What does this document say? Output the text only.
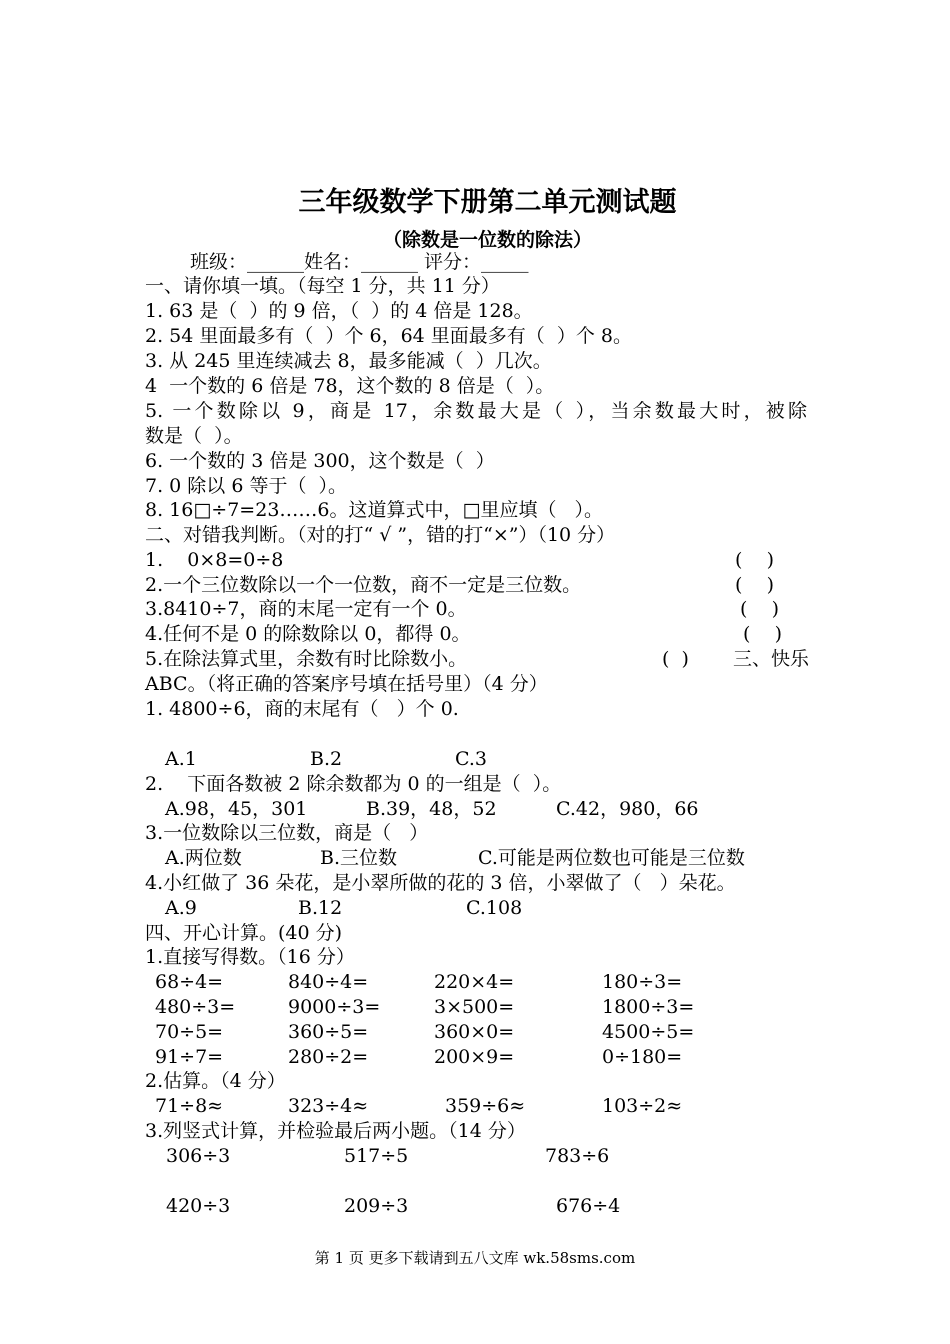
三年级数学下册第二单元测试题
（除数是一位数的除法）
班级：______姓名：______ 评分：_____
一、请你填一填。（每空 1 分，共 11 分）
1. 63 是（  ）的 9 倍，（  ）的 4 倍是 128。
2. 54 里面最多有（  ）个 6，64 里面最多有（  ）个 8。
3. 从 245 里连续减去 8，最多能减（  ）几次。
4  一个数的 6 倍是 78，这个数的 8 倍是（  ）。
5. 一个数除以 9，商是 17，余数最大是（ ），当余数最大时，被除
数是（  ）。
6. 一个数的 3 倍是 300，这个数是（  ）
7. 0 除以 6 等于（  ）。
8. 16□÷7=23……6。这道算式中，□里应填（   ）。
二、对错我判断。（对的打“ √ ”，错的打“×”）（10 分）
1.    0×8=0÷8	(    )
2.一个三位数除以一个一位数，商不一定是三位数。	(    )
3.8410÷7，商的末尾一定有一个 0。	(    )
4.任何不是 0 的除数除以 0，都得 0。	(    )
5.在除法算式里，余数有时比除数小。	(  ) 三、快乐
ABC。（将正确的答案序号填在括号里）（4 分）
1. 4800÷6，商的末尾有（   ）个 0.
A.1	B.2	C.3
2.    下面各数被 2 除余数都为 0 的一组是（  ）。
A.98，45，301	B.39，48，52	C.42，980，66
3.一位数除以三位数，商是（   ）
A.两位数	B.三位数	C.可能是两位数也可能是三位数
4.小红做了 36 朵花，是小翠所做的花的 3 倍，小翠做了（   ）朵花。
A.9	B.12	C.108
四、开心计算。(40 分)
1.直接写得数。（16 分）
68÷4=	840÷4=	220×4=	180÷3=
480÷3=	9000÷3=	3×500=	1800÷3=
70÷5=	360÷5=	360×0=	4500÷5=
91÷7=	280÷2=	200×9=	0÷180=
2.估算。（4 分）
71÷8≈	323÷4≈	359÷6≈	103÷2≈
3.列竖式计算，并检验最后两小题。（14 分）
306÷3	517÷5	783÷6
420÷3	209÷3	676÷4
第 1 页 更多下载请到五八文库 wk.58sms.com
